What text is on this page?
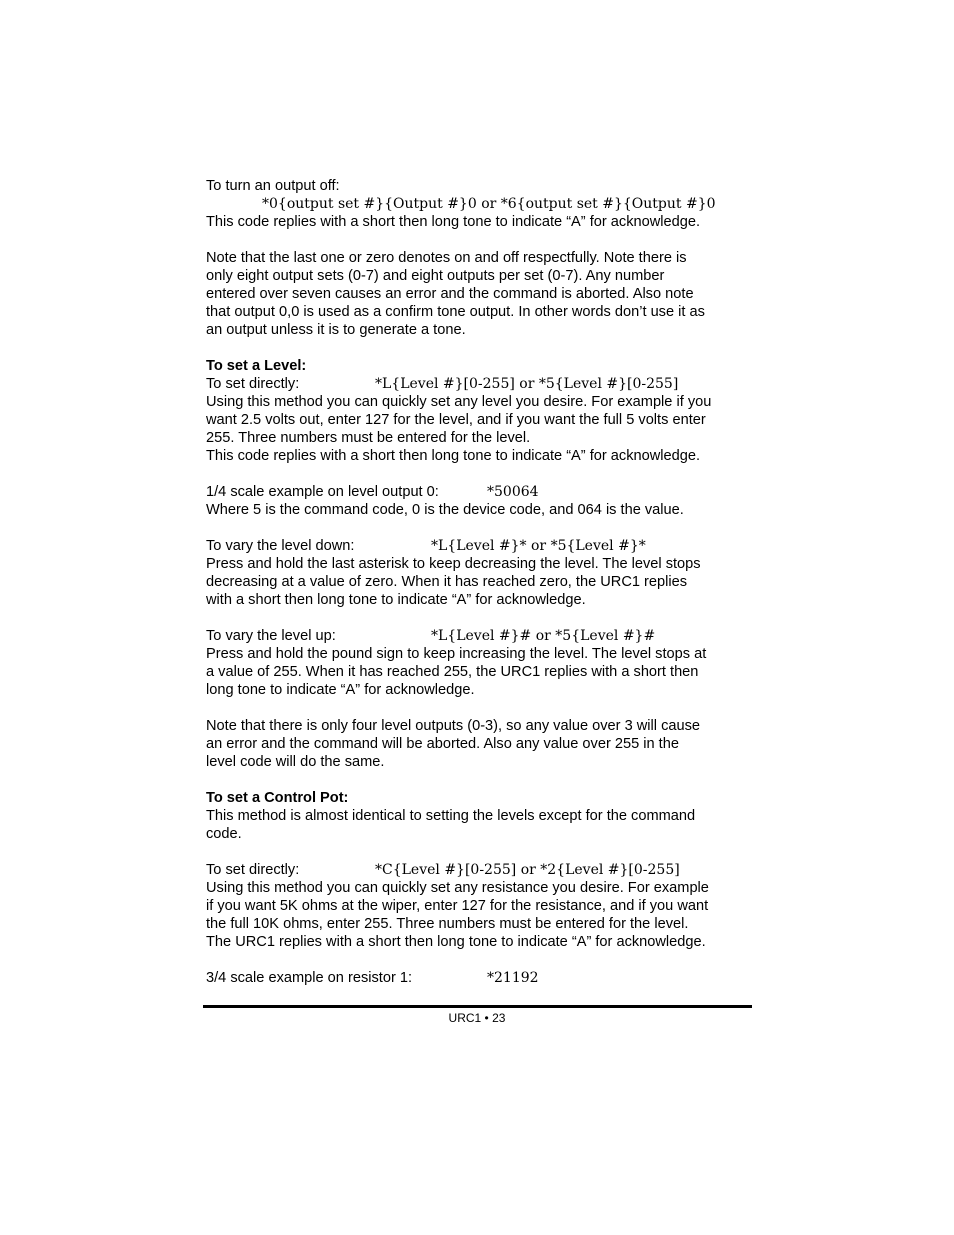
To turn an output off:
*0{output set #}{Output #}0 or *6{output set #}{Output #}0
This code replies with a short then long tone to indicate “A” for acknowledge.
Note that the last one or zero denotes on and off respectfully. Note there is
only eight output sets (0-7) and eight outputs per set (0-7). Any number
entered over seven causes an error and the command is aborted. Also note
that output 0,0 is used as a confirm tone output. In other words don’t use it as
an output unless it is to generate a tone.
To set a Level:
To set directly:	*L{Level #}[0-255] or *5{Level #}[0-255]
Using this method you can quickly set any level you desire. For example if you
want 2.5 volts out, enter 127 for the level, and if you want the full 5 volts enter
255. Three numbers must be entered for the level.
This code replies with a short then long tone to indicate “A” for acknowledge.
1/4 scale example on level output 0:	*50064
Where 5 is the command code, 0 is the device code, and 064 is the value.
To vary the level down:	*L{Level #}* or *5{Level #}*
Press and hold the last asterisk to keep decreasing the level. The level stops
decreasing at a value of zero. When it has reached zero, the URC1 replies
with a short then long tone to indicate “A” for acknowledge.
To vary the level up:	*L{Level #}# or *5{Level #}#
Press and hold the pound sign to keep increasing the level. The level stops at
a value of 255. When it has reached 255, the URC1 replies with a short then
long tone to indicate “A” for acknowledge.
Note that there is only four level outputs (0-3), so any value over 3 will cause
an error and the command will be aborted. Also any value over 255 in the
level code will do the same.
To set a Control Pot:
This method is almost identical to setting the levels except for the command
code.
To set directly:	*C{Level #}[0-255] or *2{Level #}[0-255]
Using this method you can quickly set any resistance you desire. For example
if you want 5K ohms at the wiper, enter 127 for the resistance, and if you want
the full 10K ohms, enter 255. Three numbers must be entered for the level.
The URC1 replies with a short then long tone to indicate “A” for acknowledge.
3/4 scale example on resistor 1:	*21192
URC1 • 23
